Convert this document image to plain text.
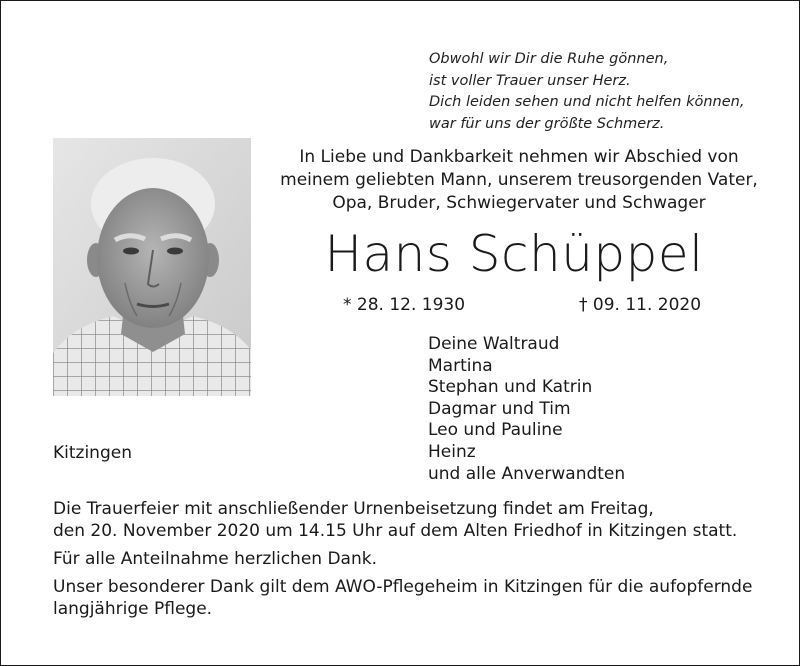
Obwohl wir Dir die Ruhe gönnen,
ist voller Trauer unser Herz.
Dich leiden sehen und nicht helfen können,
war für uns der größte Schmerz.
In Liebe und Dankbarkeit nehmen wir Abschied von
meinem geliebten Mann, unserem treusorgenden Vater,
Opa, Bruder, Schwiegervater und Schwager
Hans Schüppel
* 28. 12. 1930	† 09. 11. 2020
Deine Waltraud
Martina
Stephan und Katrin
Dagmar und Tim
Leo und Pauline
Heinz
und alle Anverwandten
Kitzingen

Die Trauerfeier mit anschließender Urnenbeisetzung findet am Freitag,
den 20. November 2020 um 14.15 Uhr auf dem Alten Friedhof in Kitzingen statt.

Für alle Anteilnahme herzlichen Dank.

Unser besonderer Dank gilt dem AWO-Pflegeheim in Kitzingen für die aufopfernde
langjährige Pflege.
